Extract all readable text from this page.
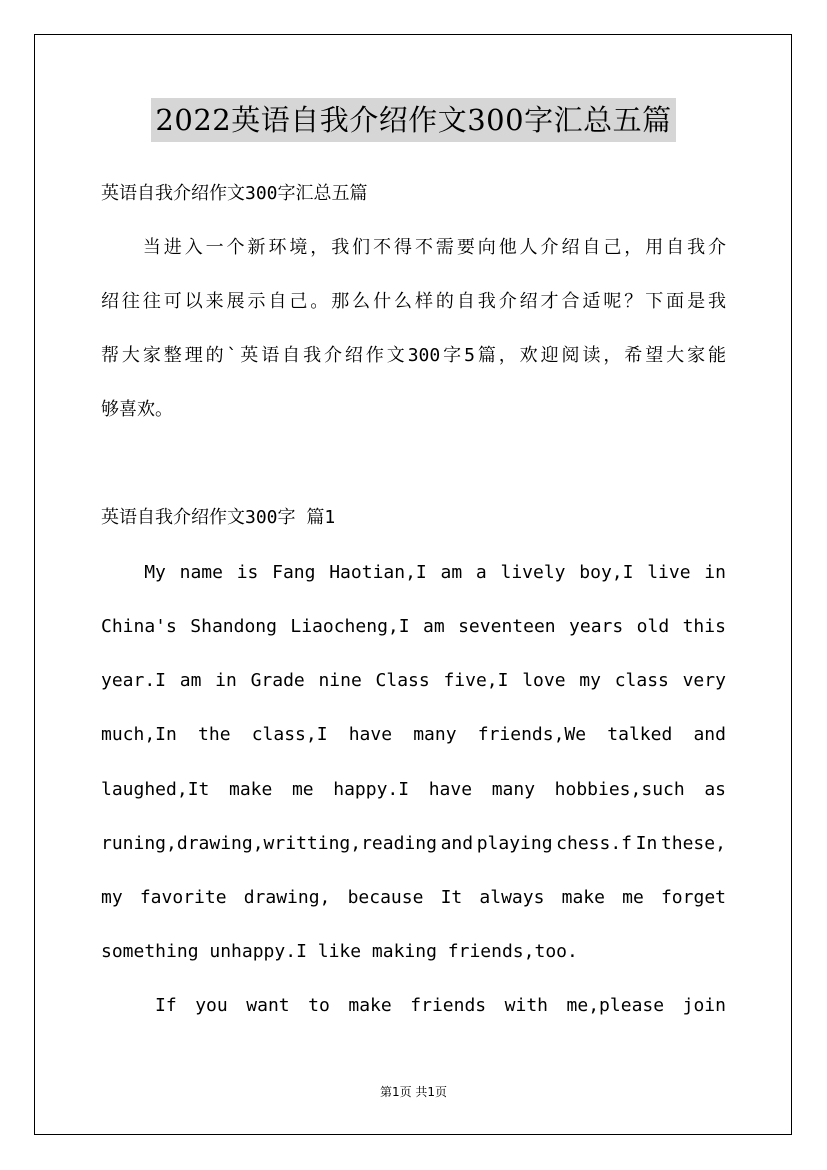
2022英语自我介绍作文300字汇总五篇
英语自我介绍作文300字汇总五篇
　　当进入一个新环境，我们不得不需要向他人介绍自己，用自我介
绍往往可以来展示自己。那么什么样的自我介绍才合适呢？下面是我
帮大家整理的`英语自我介绍作文300字5篇，欢迎阅读，希望大家能
够喜欢。
英语自我介绍作文300字 篇1
My name is Fang Haotian,I am a lively boy,I live in
China's Shandong Liaocheng,I am seventeen years old this
year.I am in Grade nine Class five,I love my class very
much,In the class,I have many friends,We talked and
laughed,It make me happy.I have many hobbies,such as
runing,drawing,writting,reading and playing chess.f In these,
my favorite drawing, because It always make me forget
something unhappy.I like making friends,too.
If you want to make friends with me,please join
第1页 共1页
